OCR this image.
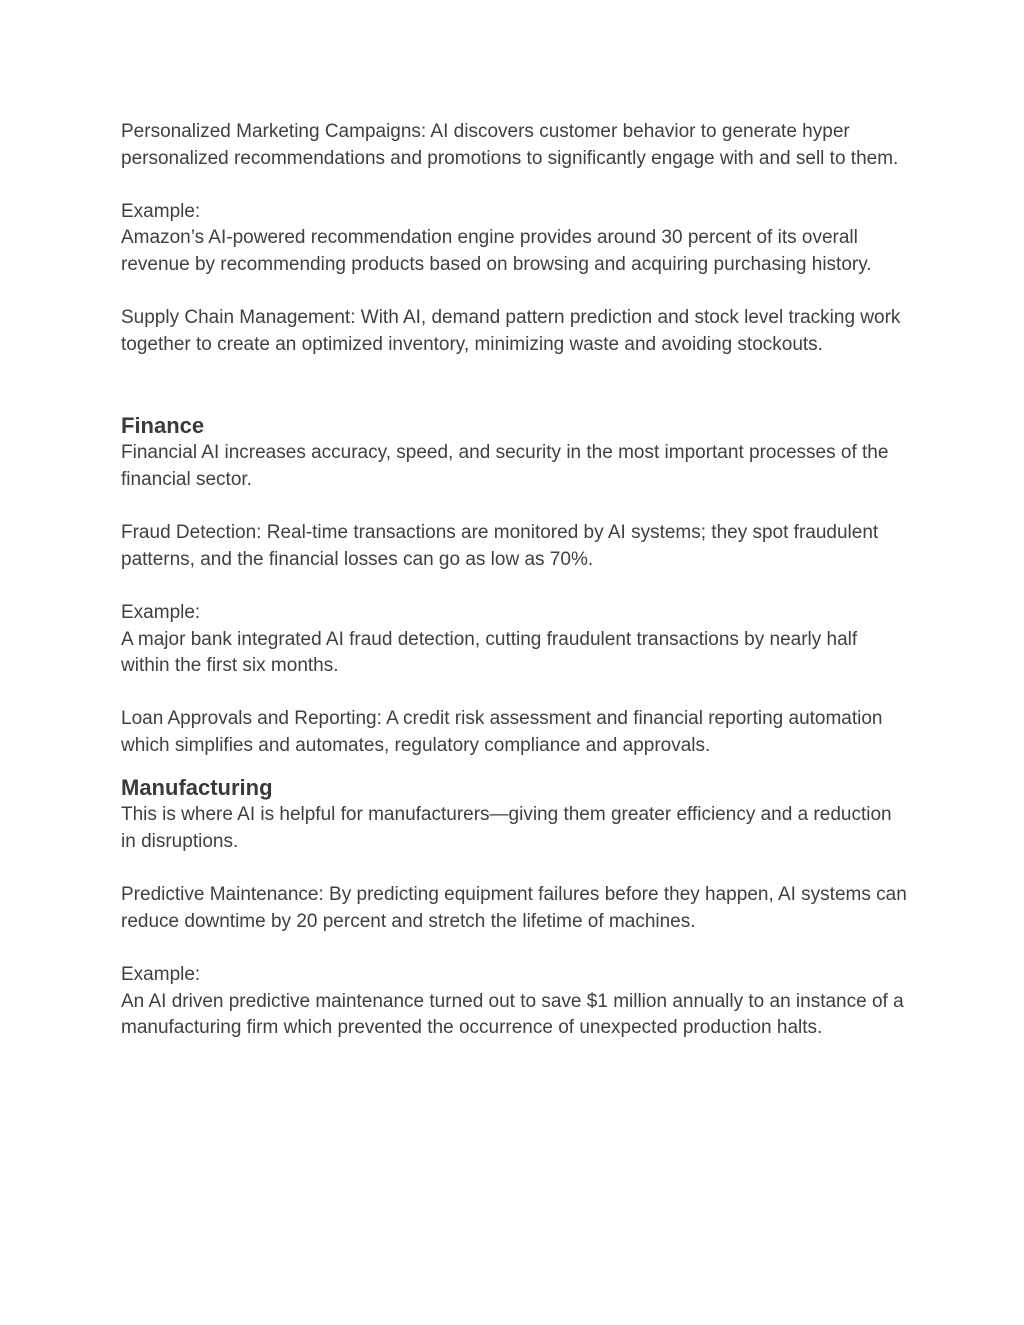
Personalized Marketing Campaigns: AI discovers customer behavior to generate hyper personalized recommendations and promotions to significantly engage with and sell to them.

Example:

Amazon’s AI-powered recommendation engine provides around 30 percent of its overall revenue by recommending products based on browsing and acquiring purchasing history.

Supply Chain Management: With AI, demand pattern prediction and stock level tracking work together to create an optimized inventory, minimizing waste and avoiding stockouts.

Finance

Financial AI increases accuracy, speed, and security in the most important processes of the financial sector.

Fraud Detection: Real-time transactions are monitored by AI systems; they spot fraudulent patterns, and the financial losses can go as low as 70%.

Example:

A major bank integrated AI fraud detection, cutting fraudulent transactions by nearly half within the first six months.

Loan Approvals and Reporting: A credit risk assessment and financial reporting automation which simplifies and automates, regulatory compliance and approvals.

Manufacturing

This is where AI is helpful for manufacturers—giving them greater efficiency and a reduction in disruptions.

Predictive Maintenance: By predicting equipment failures before they happen, AI systems can reduce downtime by 20 percent and stretch the lifetime of machines.

Example:

An AI driven predictive maintenance turned out to save $1 million annually to an instance of a manufacturing firm which prevented the occurrence of unexpected production halts.
